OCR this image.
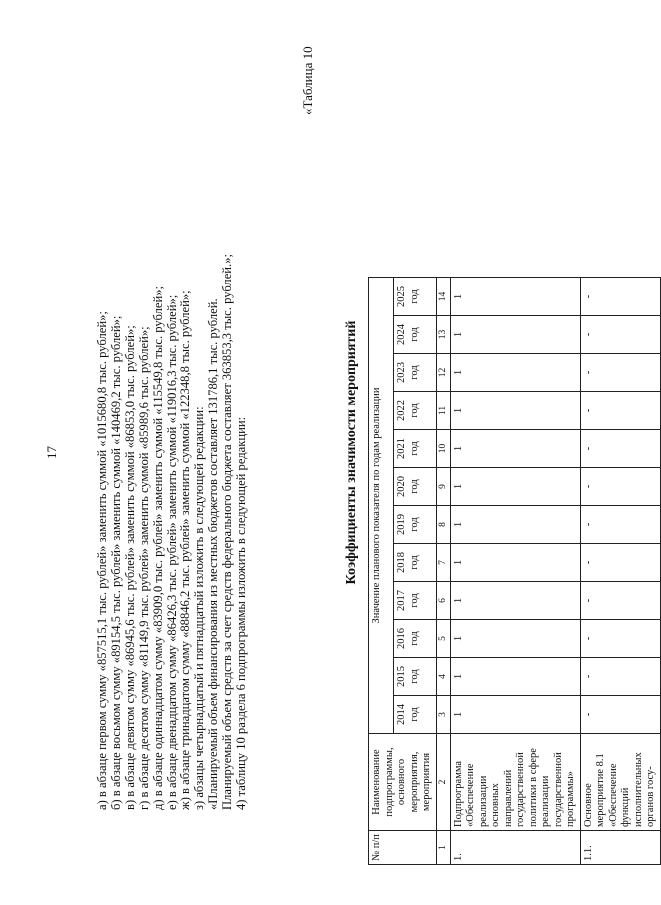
17	а) в абзаце первом сумму «857515,1 тыс. рублей» заменить суммой «1015680,8 тыс. рублей»; б) в абзаце восьмом сумму «89154,5 тыс. рублей» заменить суммой «140469,2 тыс. рублей»; в) в абзаце девятом сумму «86945,6 тыс. рублей» заменить суммой «86853,0 тыс. рублей»; г) в абзаце десятом сумму «81149,9 тыс. рублей» заменить суммой «85989,6 тыс. рублей»; д) в абзаце одиннадцатом сумму «83909,0 тыс. рублей» заменить суммой «115549,8 тыс. рублей»; е) в абзаце двенадцатом сумму «86426,3 тыс. рублей» заменить суммой «119016,3 тыс. рублей»; ж) в абзаце тринадцатом сумму «88846,2 тыс. рублей» заменить суммой «122348,8 тыс. рублей»; з) абзацы четырнадцатый и пятнадцатый изложить в следующей редакции: «Планируемый объем финансирования из местных бюджетов составляет 131786,1 тыс. рублей. Планируемый объем средств за счет средств федерального бюджета составляет 363853,3 тыс. рублей.»; 4) таблицу 10 раздела 6 подпрограммы изложить в следующей редакции:
«Таблица 10
Коэффициенты значимости мероприятий
№ п/п	Наименование подпрограммы, основного мероприятия, мероприятия	Значение планового показателя по годам реализации											
		2014 год	2015 год	2016 год	2017 год	2018 год	2019 год	2020 год	2021 год	2022 год	2023 год	2024 год	2025 год
1	2	3	4	5	6	7	8	9	10	11	12	13	14
1.	Подпрограмма «Обеспечение реализации основных направлений государственной политики в сфере реализации государственной программы»	1	1	1	1	1	1	1	1	1	1	1	1
1.1.	Основное мероприятие 8.1 «Обеспечение функций исполнительных органов госу-	-	-	-	-	-	-	-	-	-	-	-	-
